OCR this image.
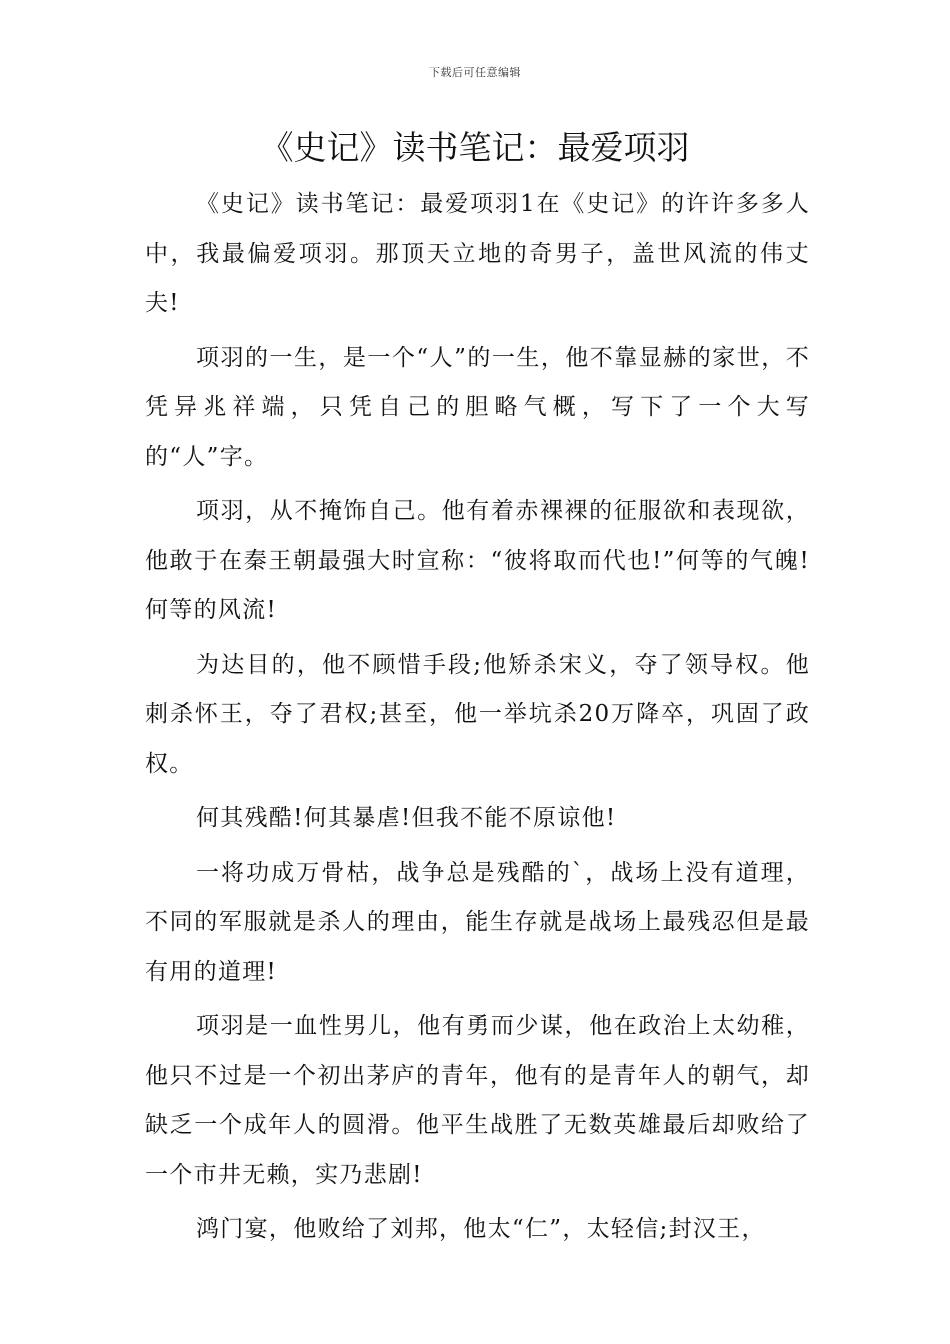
下载后可任意编辑
《史记》读书笔记：最爱项羽

《史记》读书笔记：最爱项羽1在《史记》的许许多多人中，我最偏爱项羽。那顶天立地的奇男子，盖世风流的伟丈夫!

项羽的一生，是一个“人”的一生，他不靠显赫的家世，不凭异兆祥端，只凭自己的胆略气概，写下了一个大写的“人”字。

项羽，从不掩饰自己。他有着赤裸裸的征服欲和表现欲，他敢于在秦王朝最强大时宣称：“彼将取而代也!”何等的气魄!何等的风流!

为达目的，他不顾惜手段;他矫杀宋义，夺了领导权。他刺杀怀王，夺了君权;甚至，他一举坑杀20万降卒，巩固了政权。

何其残酷!何其暴虐!但我不能不原谅他!

一将功成万骨枯，战争总是残酷的`，战场上没有道理，不同的军服就是杀人的理由，能生存就是战场上最残忍但是最有用的道理!

项羽是一血性男儿，他有勇而少谋，他在政治上太幼稚，他只不过是一个初出茅庐的青年，他有的是青年人的朝气，却缺乏一个成年人的圆滑。他平生战胜了无数英雄最后却败给了一个市井无赖，实乃悲剧!

鸿门宴，他败给了刘邦，他太“仁”，太轻信;封汉王，
